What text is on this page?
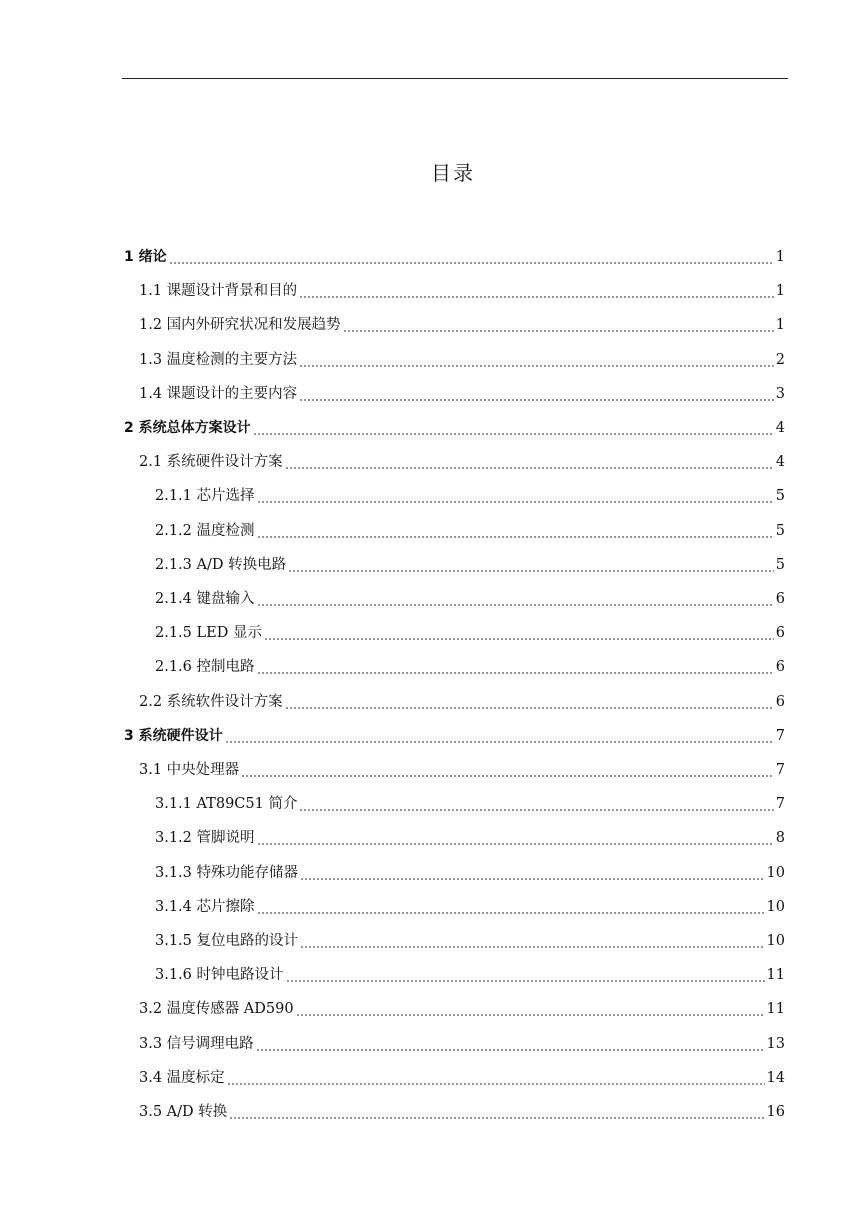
目录
1 绪论	1
1.1 课题设计背景和目的	1
1.2 国内外研究状况和发展趋势	1
1.3 温度检测的主要方法	2
1.4 课题设计的主要内容	3
2 系统总体方案设计	4
2.1 系统硬件设计方案	4
2.1.1 芯片选择	5
2.1.2 温度检测	5
2.1.3 A/D 转换电路	5
2.1.4 键盘输入	6
2.1.5 LED 显示	6
2.1.6 控制电路	6
2.2 系统软件设计方案	6
3 系统硬件设计	7
3.1 中央处理器	7
3.1.1 AT89C51 简介	7
3.1.2 管脚说明	8
3.1.3 特殊功能存储器	10
3.1.4 芯片擦除	10
3.1.5 复位电路的设计	10
3.1.6 时钟电路设计	11
3.2 温度传感器 AD590	11
3.3 信号调理电路	13
3.4 温度标定	14
3.5 A/D 转换	16
